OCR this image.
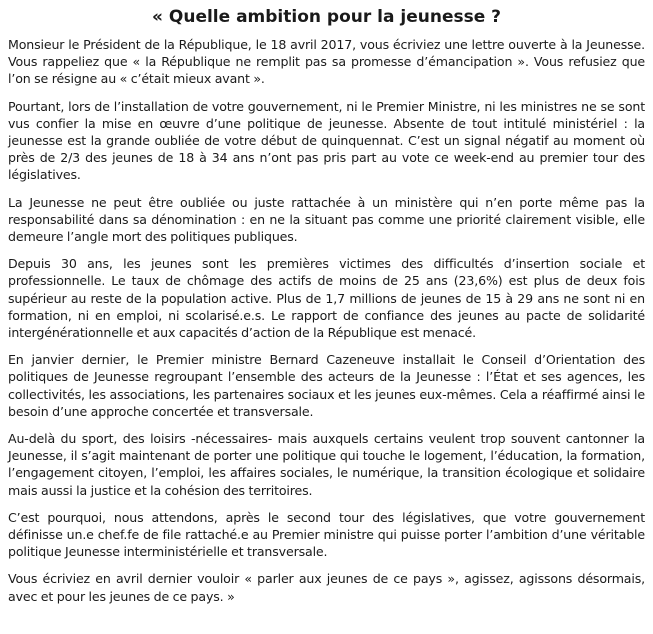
« Quelle ambition pour la jeunesse ?

Monsieur le Président de la République, le 18 avril 2017, vous écriviez une lettre ouverte à la Jeunesse. Vous rappeliez que « la République ne remplit pas sa promesse d’émancipation ». Vous refusiez que l’on se résigne au « c’était mieux avant ».

Pourtant, lors de l’installation de votre gouvernement, ni le Premier Ministre, ni les ministres ne se sont vus confier la mise en œuvre d’une politique de jeunesse. Absente de tout intitulé ministériel : la jeunesse est la grande oubliée de votre début de quinquennat. C’est un signal négatif au moment où près de 2/3 des jeunes de 18 à 34 ans n’ont pas pris part au vote ce week-end au premier tour des législatives.

La Jeunesse ne peut être oubliée ou juste rattachée à un ministère qui n’en porte même pas la responsabilité dans sa dénomination : en ne la situant pas comme une priorité clairement visible, elle demeure l’angle mort des politiques publiques.

Depuis 30 ans, les jeunes sont les premières victimes des difficultés d’insertion sociale et professionnelle. Le taux de chômage des actifs de moins de 25 ans (23,6%) est plus de deux fois supérieur au reste de la population active. Plus de 1,7 millions de jeunes de 15 à 29 ans ne sont ni en formation, ni en emploi, ni scolarisé.e.s. Le rapport de confiance des jeunes au pacte de solidarité intergénérationnelle et aux capacités d’action de la République est menacé.

En janvier dernier, le Premier ministre Bernard Cazeneuve installait le Conseil d’Orientation des politiques de Jeunesse regroupant l’ensemble des acteurs de la Jeunesse : l’État et ses agences, les collectivités, les associations, les partenaires sociaux et les jeunes eux-mêmes. Cela a réaffirmé ainsi le besoin d’une approche concertée et transversale.

Au-delà du sport, des loisirs -nécessaires- mais auxquels certains veulent trop souvent cantonner la Jeunesse, il s’agit maintenant de porter une politique qui touche le logement, l’éducation, la formation, l’engagement citoyen, l’emploi, les affaires sociales, le numérique, la transition écologique et solidaire mais aussi la justice et la cohésion des territoires.

C’est pourquoi, nous attendons, après le second tour des législatives, que votre gouvernement définisse un.e chef.fe de file rattaché.e au Premier ministre qui puisse porter l’ambition d’une véritable politique Jeunesse interministérielle et transversale.

Vous écriviez en avril dernier vouloir « parler aux jeunes de ce pays », agissez, agissons désormais, avec et pour les jeunes de ce pays. »
